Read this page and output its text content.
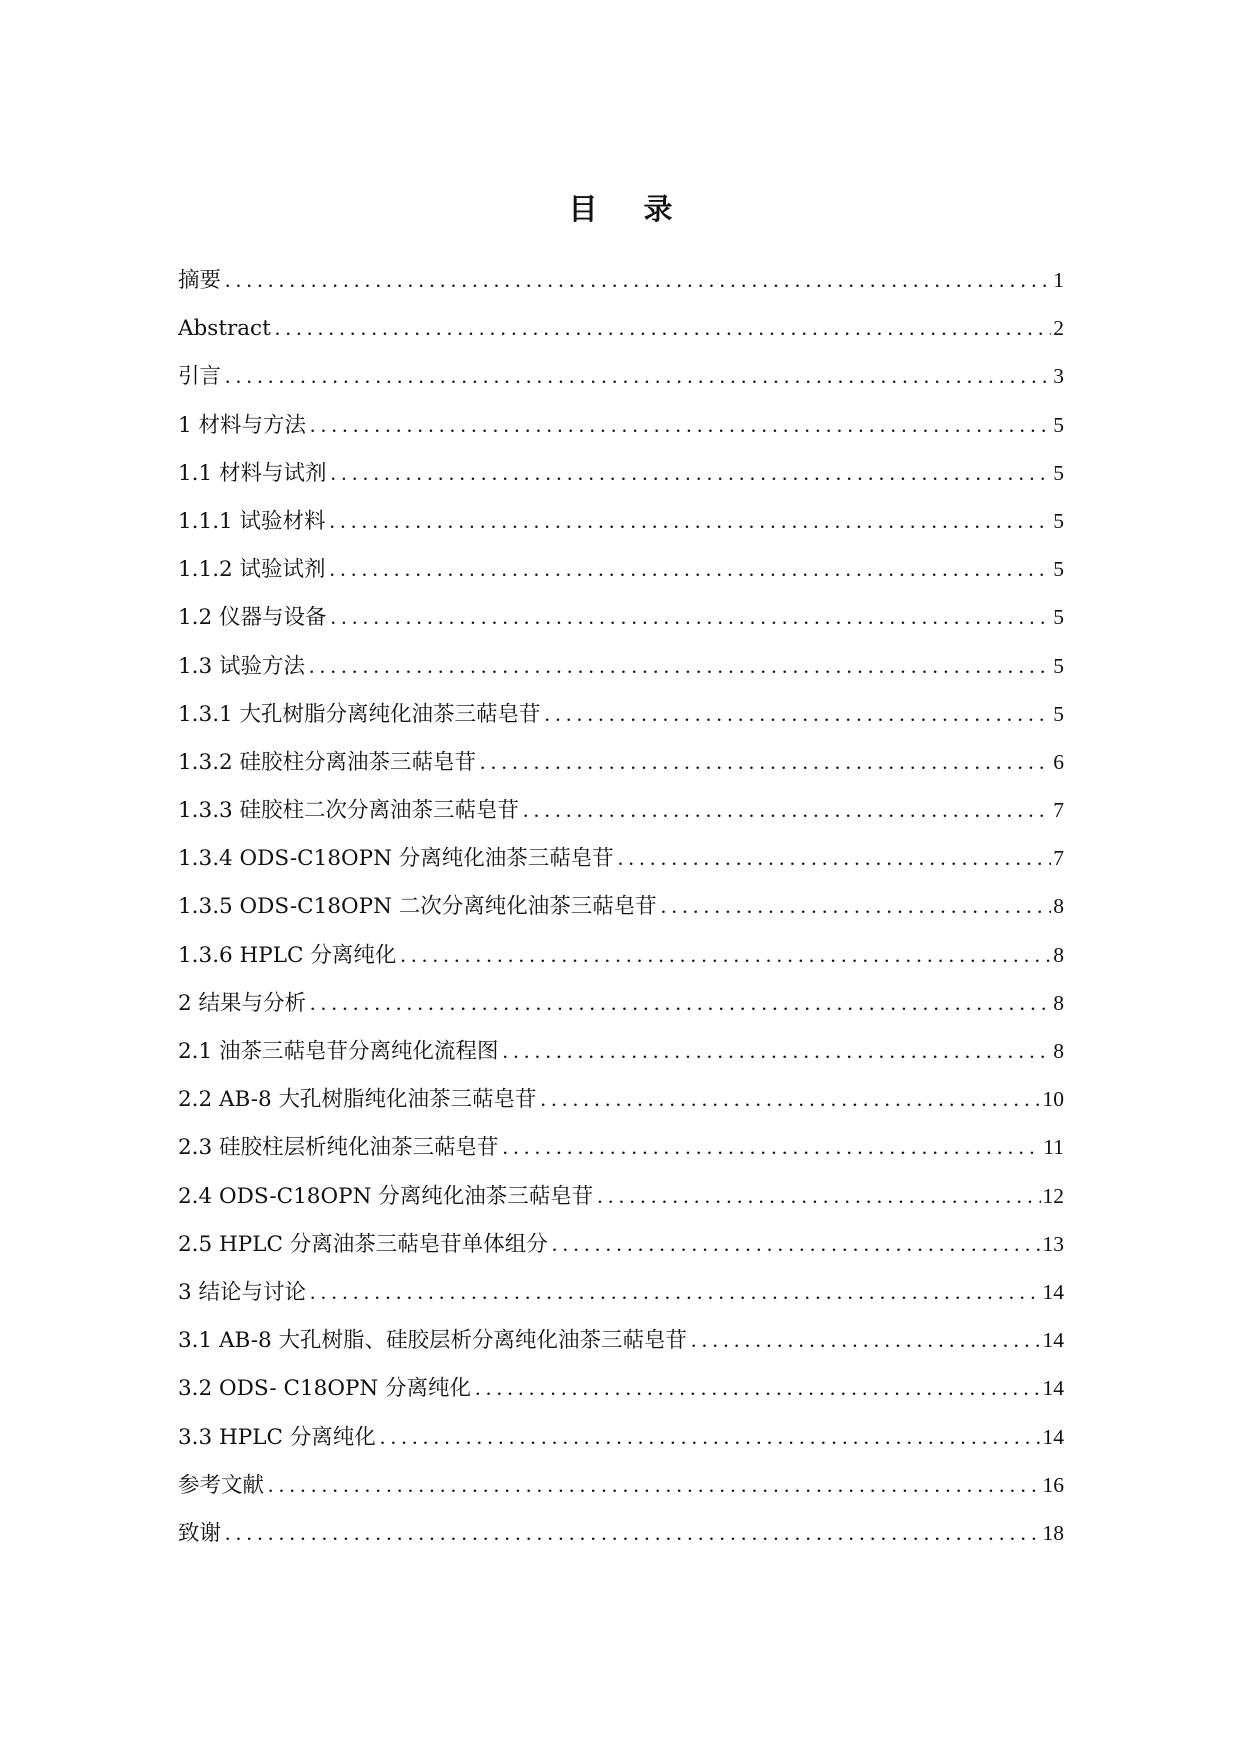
目 录
摘要 . . .	1
Abstract . . .	2
引言 . . .	3
1 材料与方法 . . .	5
1.1 材料与试剂 . . .	5
1.1.1 试验材料 . . .	5
1.1.2 试验试剂 . . .	5
1.2 仪器与设备 . . .	5
1.3 试验方法 . . .	5
1.3.1 大孔树脂分离纯化油茶三萜皂苷 . . .	5
1.3.2 硅胶柱分离油茶三萜皂苷 . . .	6
1.3.3 硅胶柱二次分离油茶三萜皂苷 . . .	7
1.3.4 ODS-C18OPN 分离纯化油茶三萜皂苷 . . .	7
1.3.5 ODS-C18OPN 二次分离纯化油茶三萜皂苷 . . .	8
1.3.6 HPLC 分离纯化 . . .	8
2 结果与分析 . . .	8
2.1 油茶三萜皂苷分离纯化流程图 . . .	8
2.2 AB-8 大孔树脂纯化油茶三萜皂苷 . . .	10
2.3 硅胶柱层析纯化油茶三萜皂苷 . . .	11
2.4 ODS-C18OPN 分离纯化油茶三萜皂苷 . . .	12
2.5 HPLC 分离油茶三萜皂苷单体组分 . . .	13
3 结论与讨论 . . .	14
3.1 AB-8 大孔树脂、硅胶层析分离纯化油茶三萜皂苷 . . .	14
3.2 ODS- C18OPN 分离纯化 . . .	14
3.3 HPLC 分离纯化 . . .	14
参考文献 . . .	16
致谢 . . .	18
